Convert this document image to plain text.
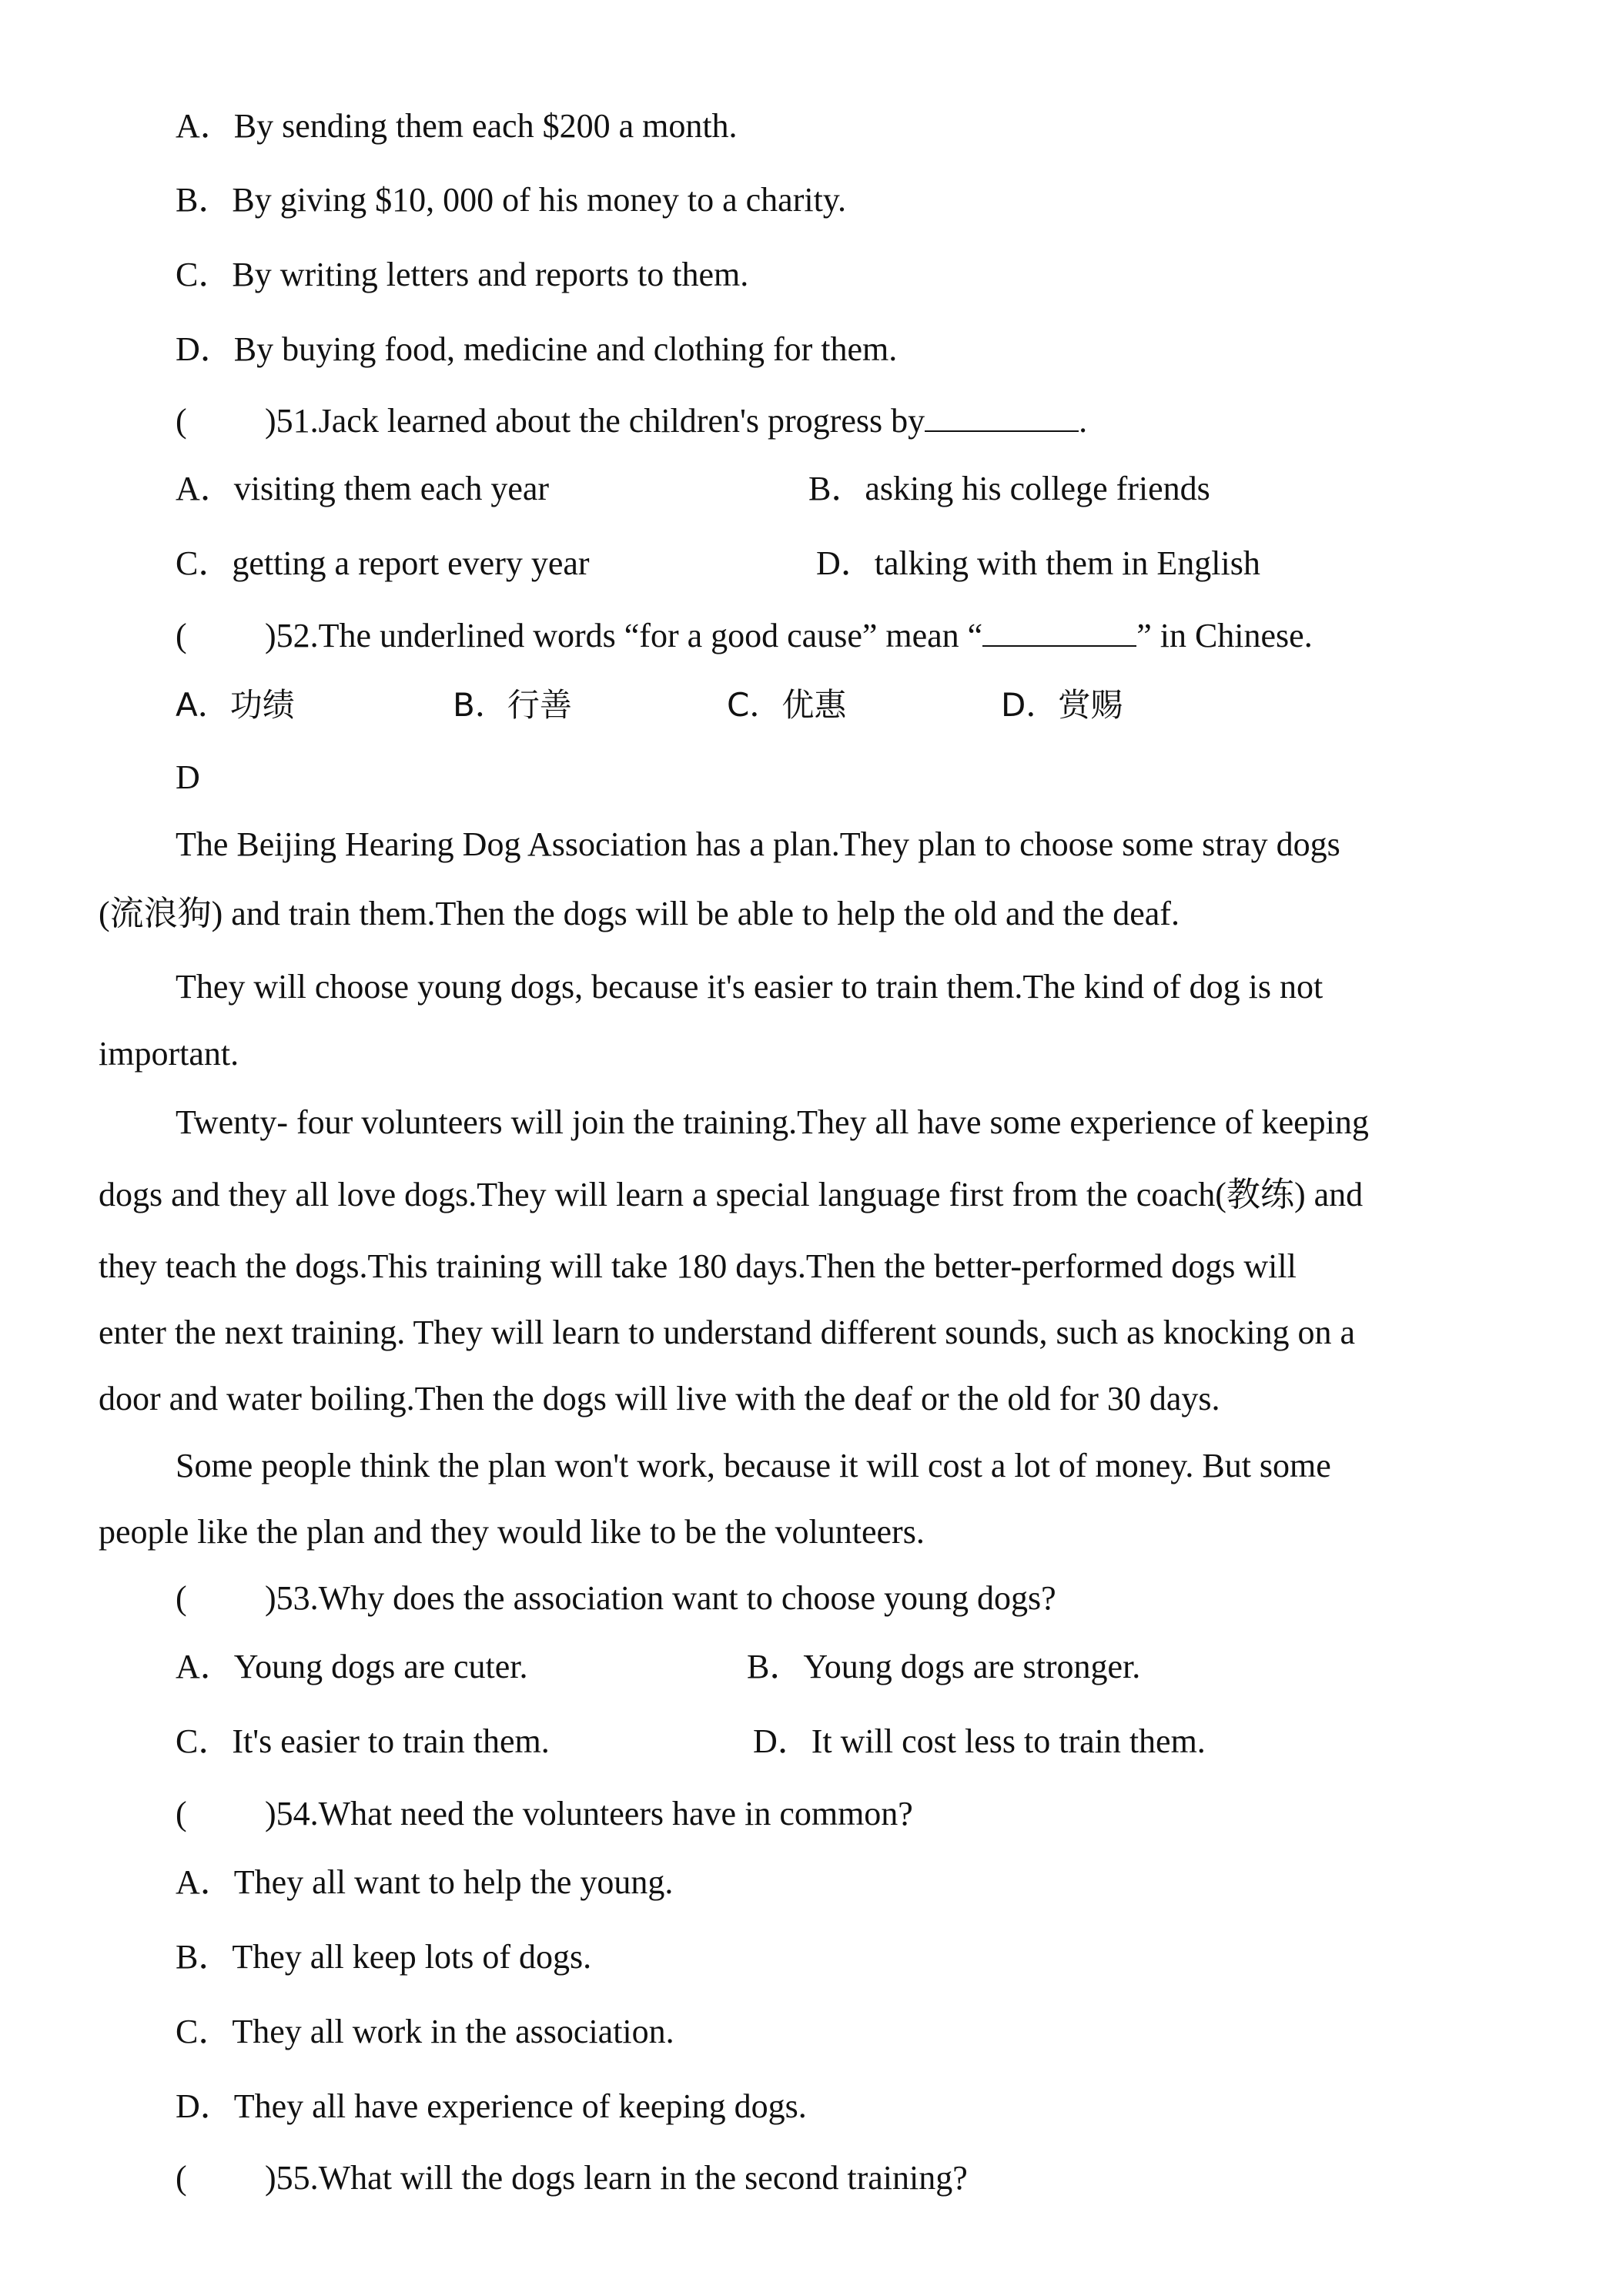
A．By sending them each $200 a month.
B．By giving $10, 000 of his money to a charity.
C．By writing letters and reports to them.
D．By buying food, medicine and clothing for them.
( )51.Jack learned about the children's progress by	.
A．visiting them each year	B．asking his college friends
C．getting a report every year	D．talking with them in English
( )52.The underlined words “for a good cause” mean “	” in Chinese.
A．功绩	B．行善	C．优惠	D．赏赐
D
The Beijing Hearing Dog Association has a plan.They plan to choose some stray dogs
(流浪狗) and train them.Then the dogs will be able to help the old and the deaf.
They will choose young dogs, because it's easier to train them.The kind of dog is not
important.
Twenty- four volunteers will join the training.They all have some experience of keeping
dogs and they all love dogs.They will learn a special language first from the coach(教练) and
they teach the dogs.This training will take 180 days.Then the better-performed dogs will
enter the next training. They will learn to understand different sounds, such as knocking on a
door and water boiling.Then the dogs will live with the deaf or the old for 30 days.
Some people think the plan won't work, because it will cost a lot of money. But some
people like the plan and they would like to be the volunteers.
( )53.Why does the association want to choose young dogs?
A．Young dogs are cuter.	B．Young dogs are stronger.
C．It's easier to train them.	D．It will cost less to train them.
( )54.What need the volunteers have in common?
A．They all want to help the young.
B．They all keep lots of dogs.
C．They all work in the association.
D．They all have experience of keeping dogs.
( )55.What will the dogs learn in the second training?
